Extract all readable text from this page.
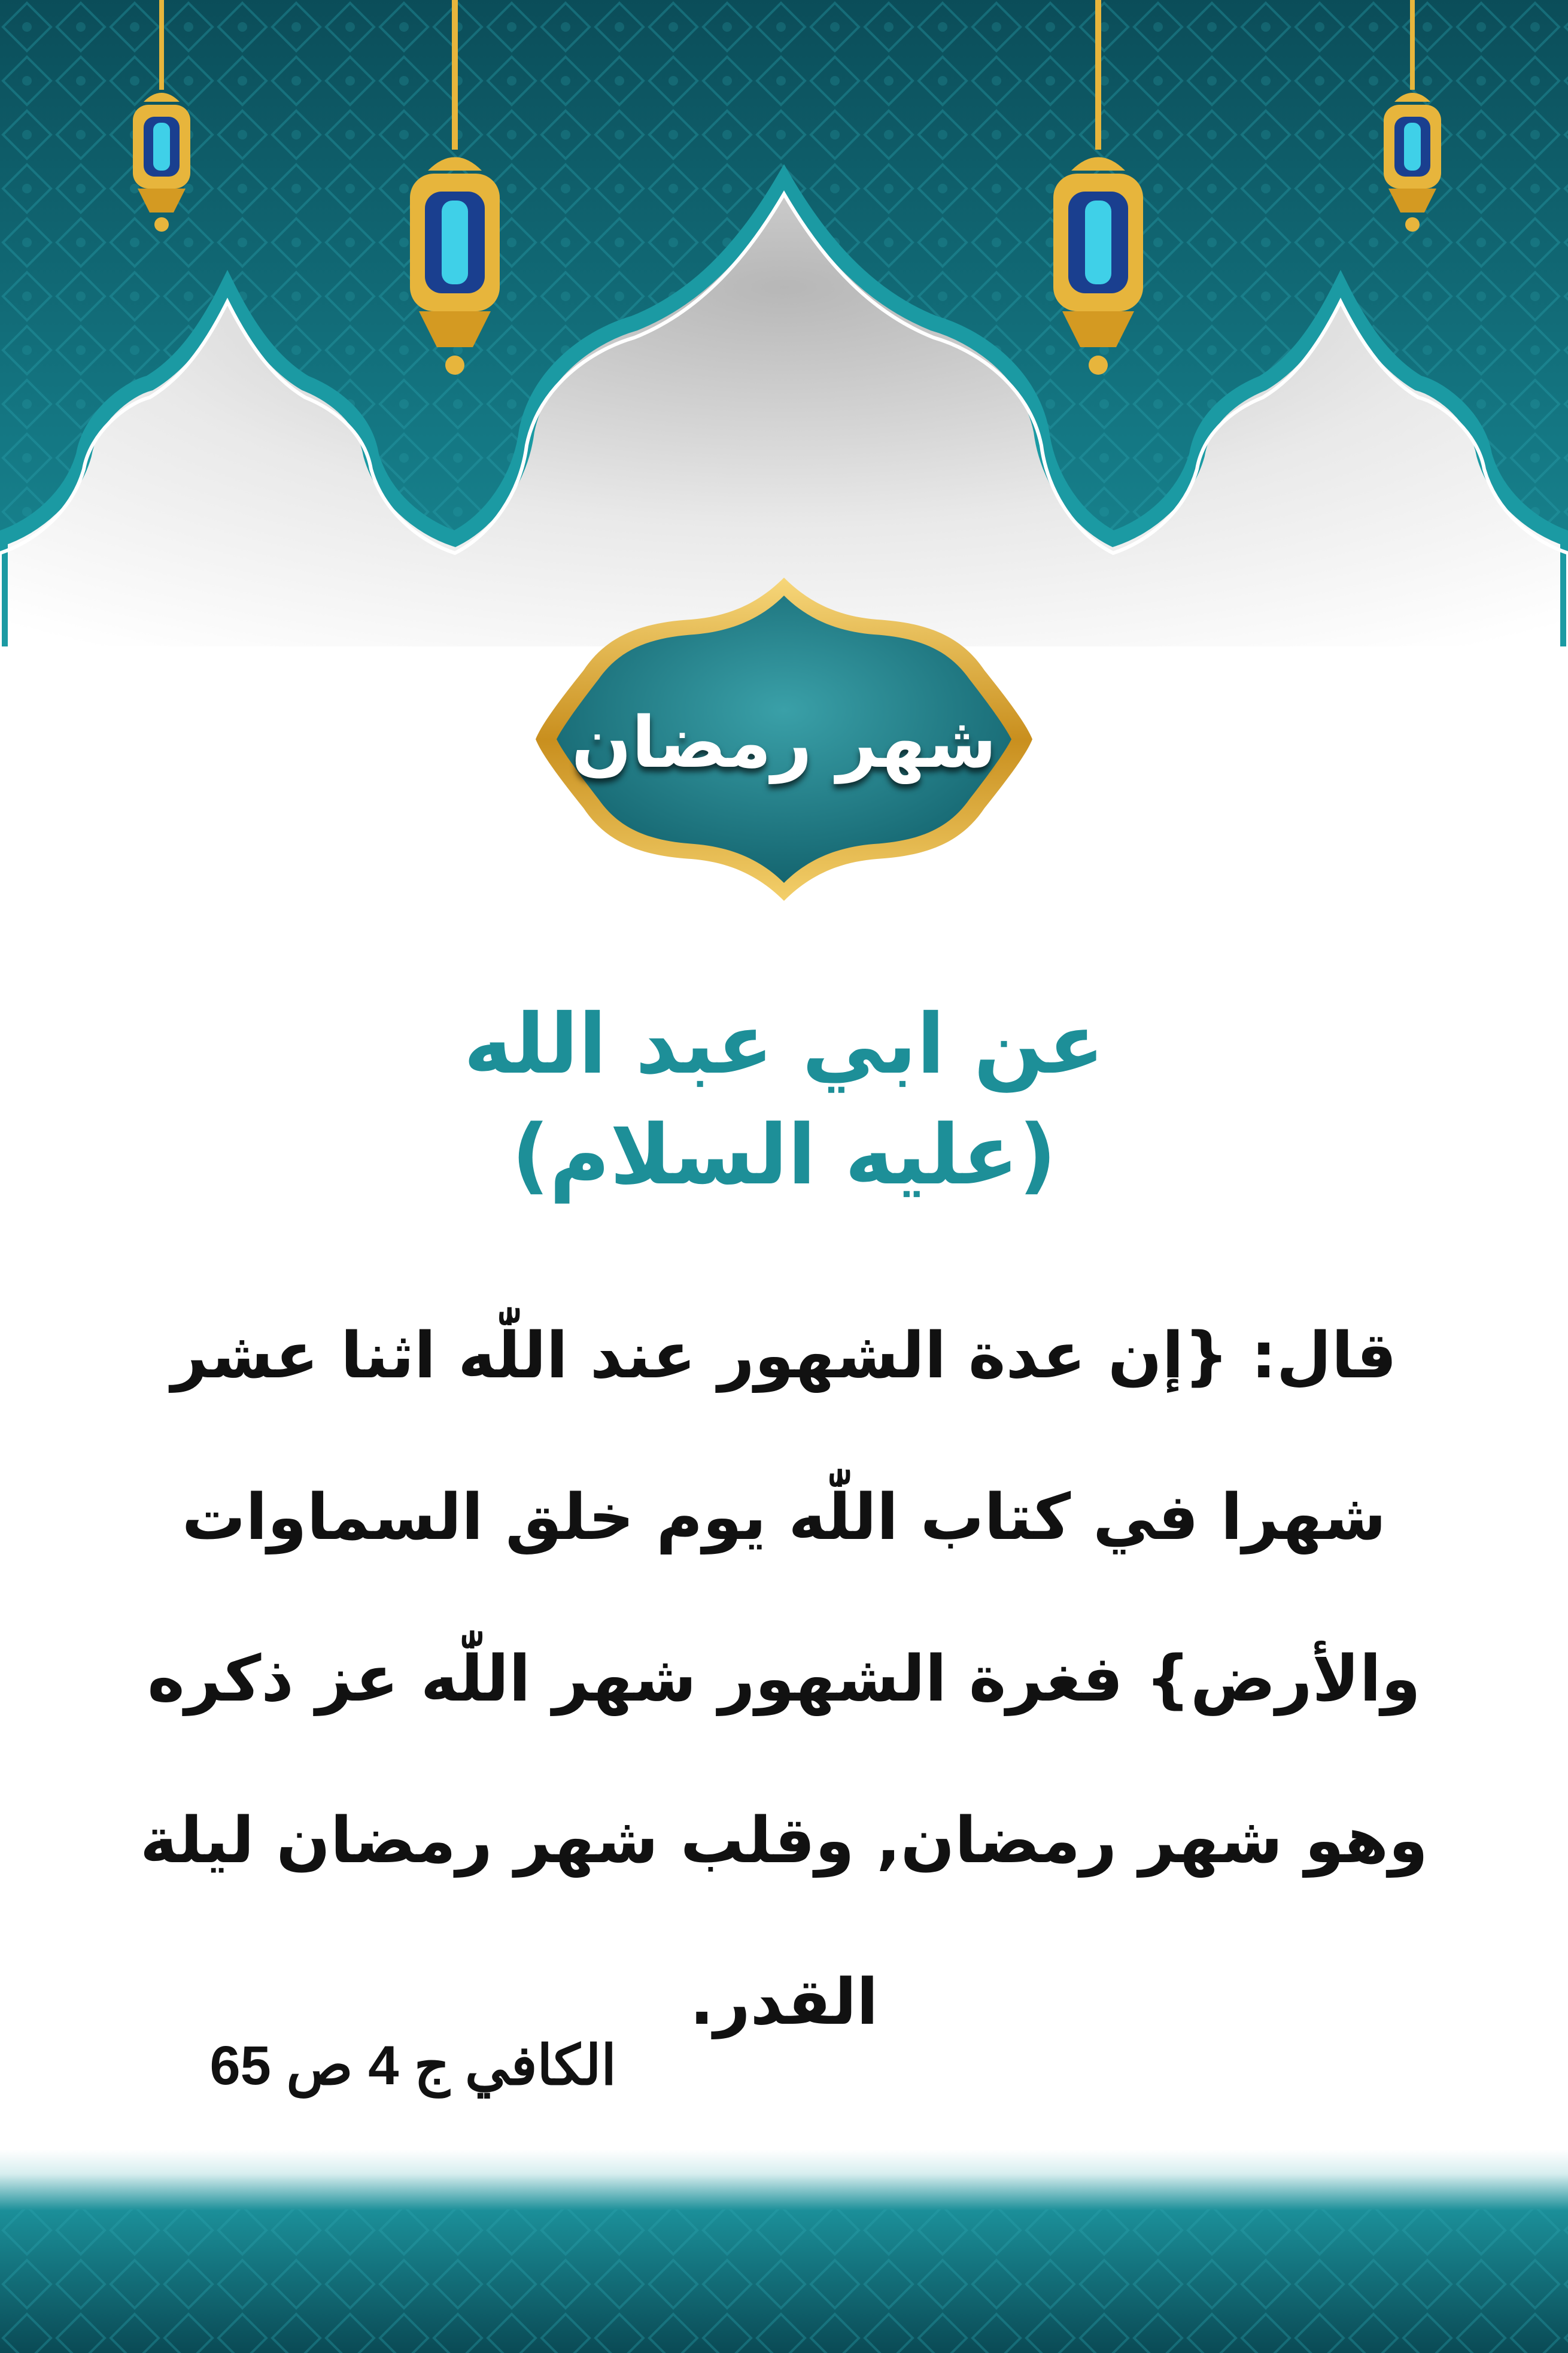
شهر رمضان
عن ابي عبد الله
(عليه السلام)
قال: {إن عدة الشهور عند اللّٰه اثنا عشر
شهرا في كتاب اللّٰه يوم خلق السماوات
والأرض} فغرة الشهور شهر اللّٰه عز ذكره
وهو شهر رمضان, وقلب شهر رمضان ليلة
القدر.
الكافي ج 4 ص 65
